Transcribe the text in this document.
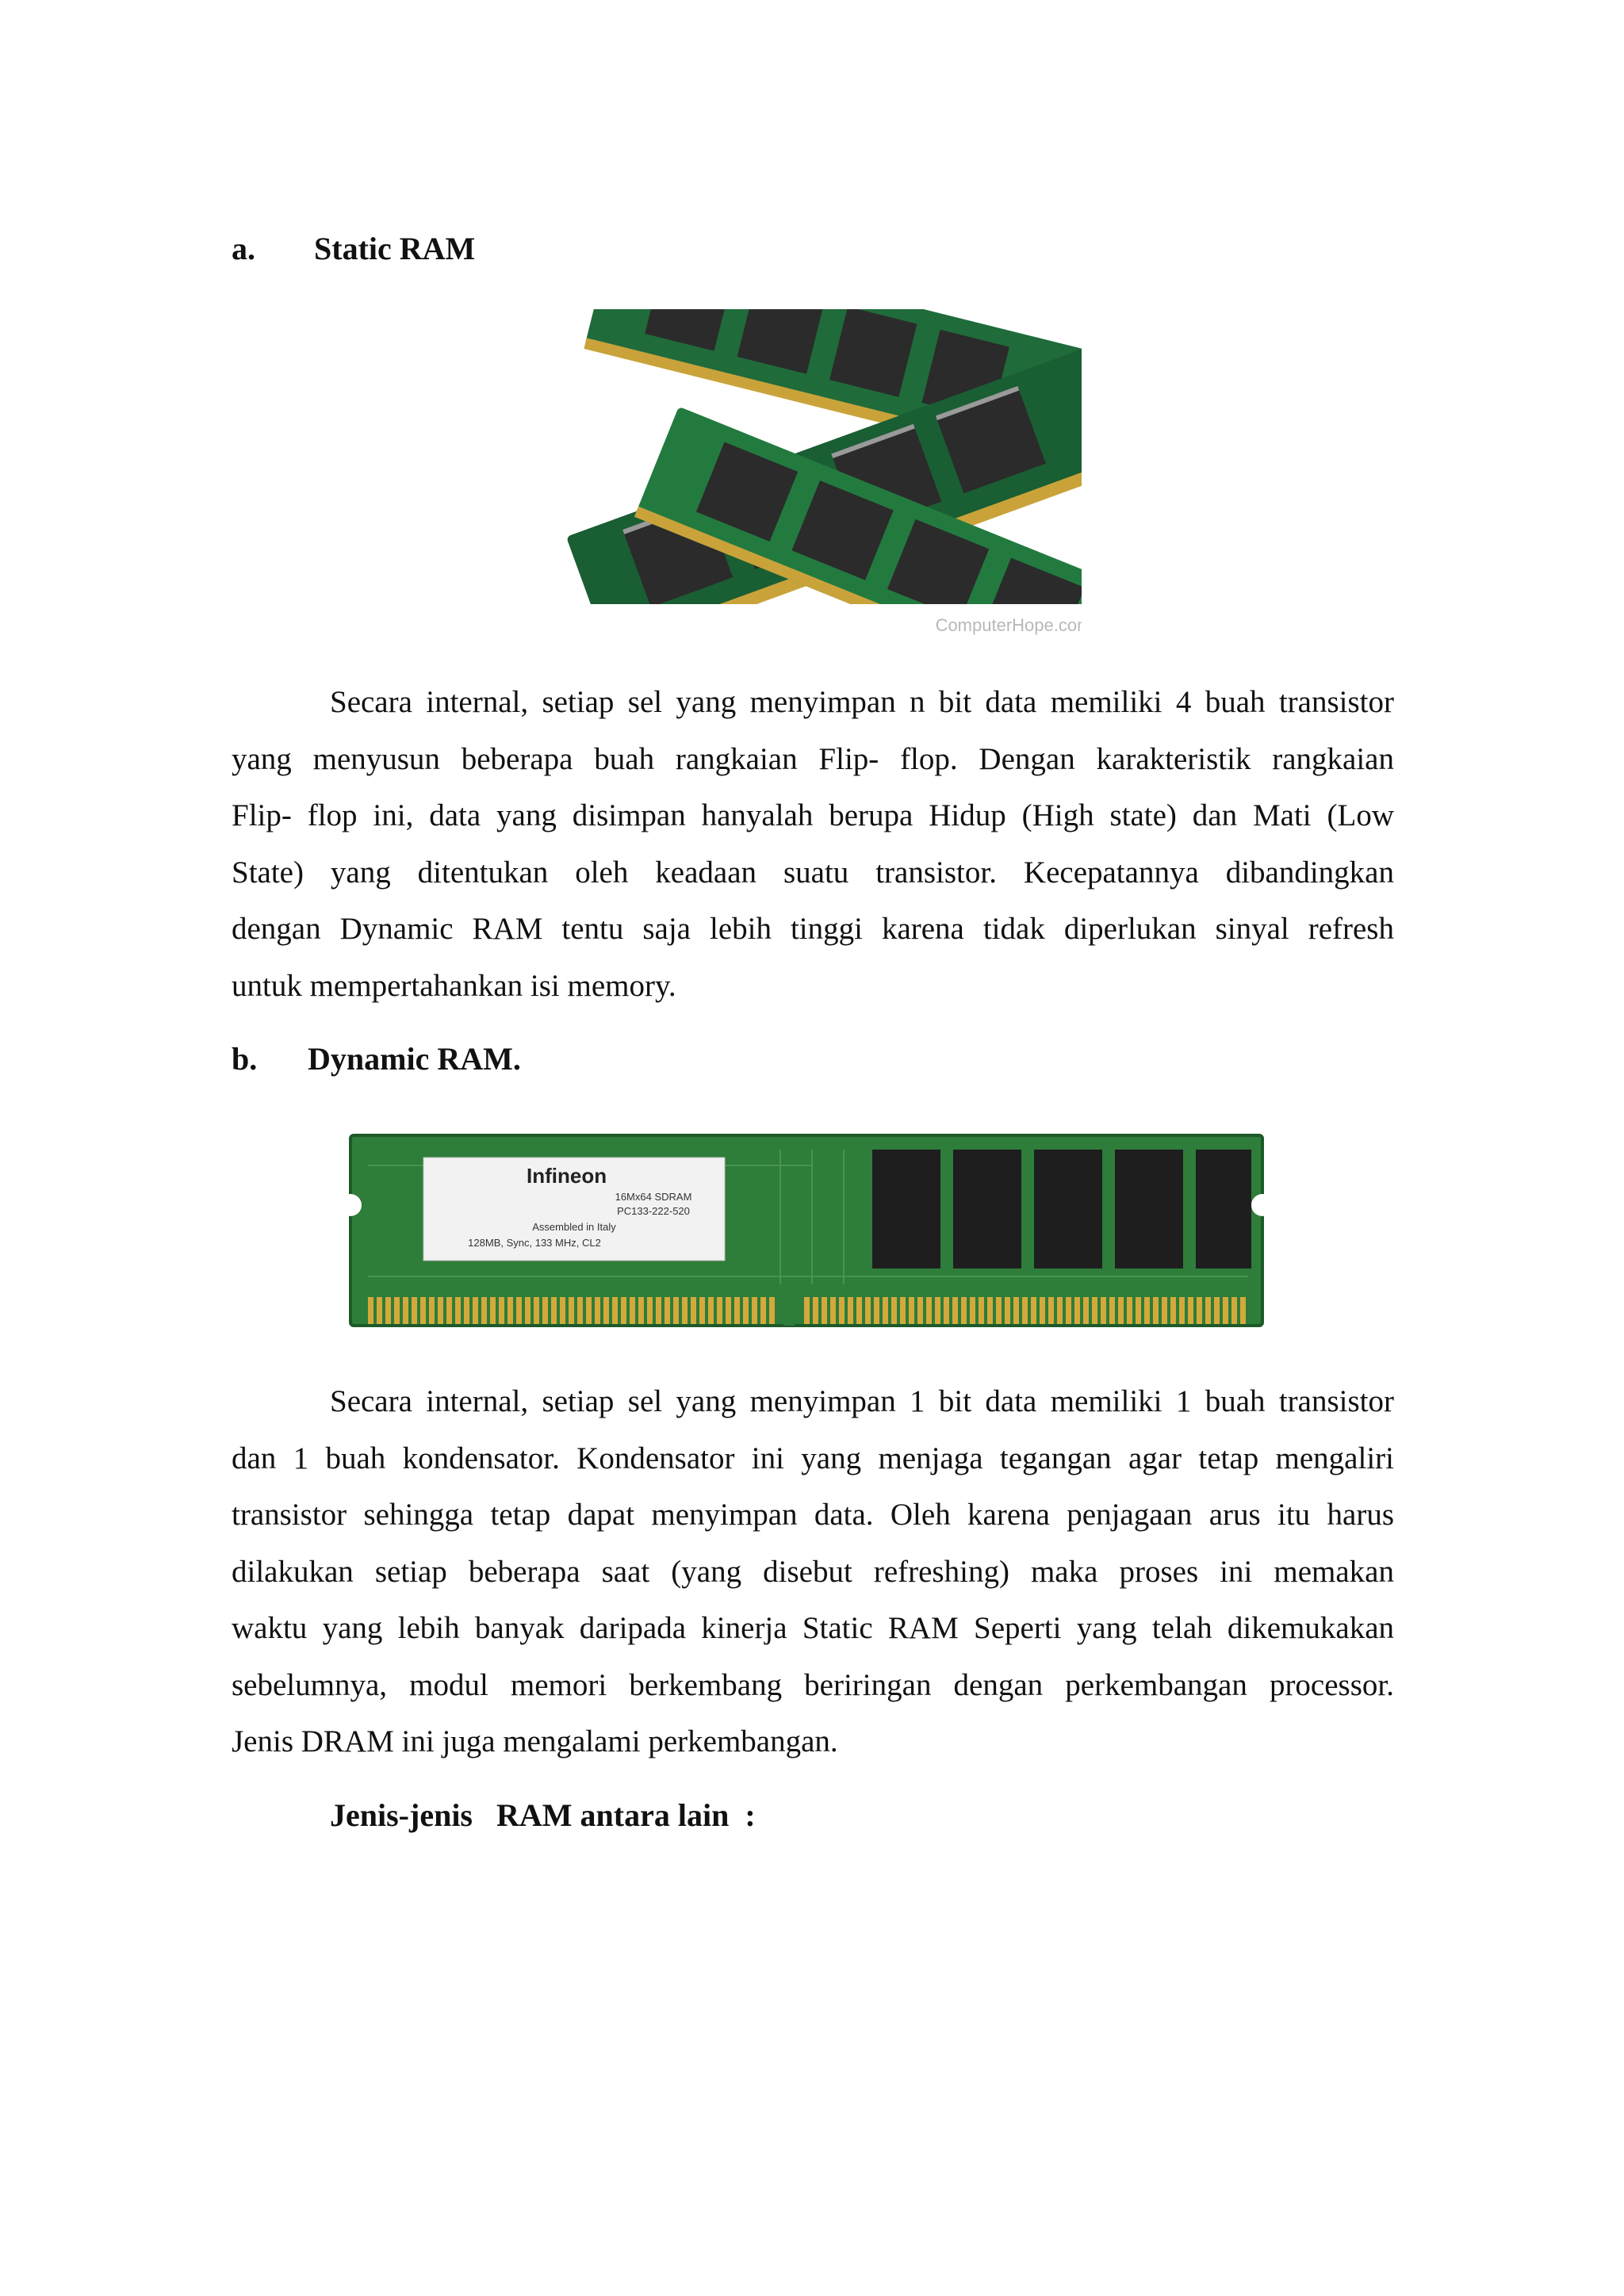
a. Static RAM
ComputerHope.com
Secara internal, setiap sel yang menyimpan n bit data memiliki 4 buah transistor
yang menyusun beberapa buah rangkaian Flip- flop. Dengan karakteristik rangkaian
Flip- flop ini, data yang disimpan hanyalah berupa Hidup (High state) dan Mati (Low
State) yang ditentukan oleh keadaan suatu transistor. Kecepatannya dibandingkan
dengan Dynamic RAM tentu saja lebih tinggi karena tidak diperlukan sinyal refresh
untuk mempertahankan isi memory.
b. Dynamic RAM.
Infineon
16Mx64 SDRAM
PC133-222-520
Assembled in Italy
128MB, Sync, 133 MHz, CL2
Secara internal, setiap sel yang menyimpan 1 bit data memiliki 1 buah transistor
dan 1 buah kondensator. Kondensator ini yang menjaga tegangan agar tetap mengaliri
transistor sehingga tetap dapat menyimpan data. Oleh karena penjagaan arus itu harus
dilakukan setiap beberapa saat (yang disebut refreshing) maka proses ini memakan
waktu yang lebih banyak daripada kinerja Static RAM Seperti yang telah dikemukakan
sebelumnya, modul memori berkembang beriringan dengan perkembangan processor.
Jenis DRAM ini juga mengalami perkembangan.
Jenis-jenis   RAM antara lain  :
